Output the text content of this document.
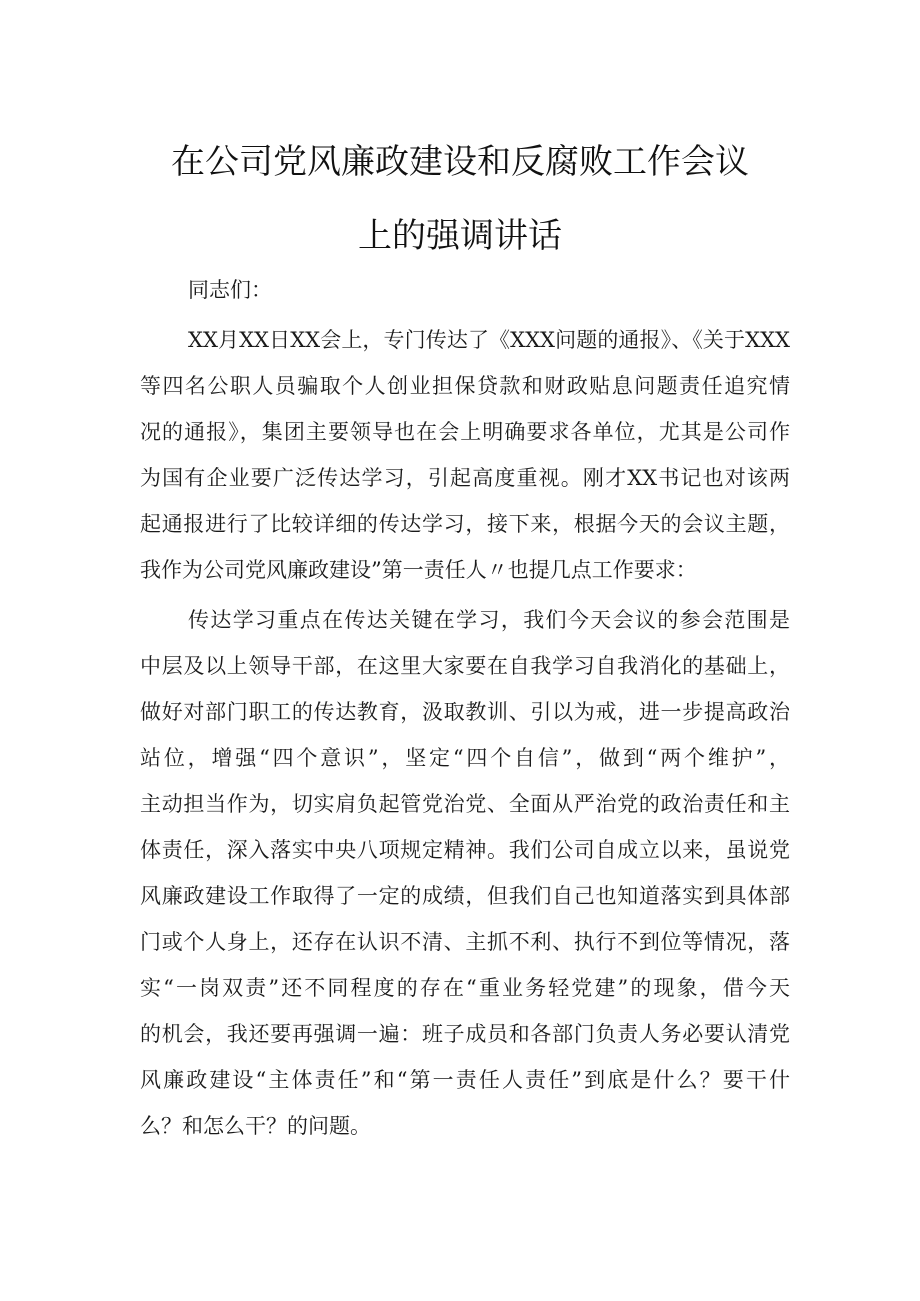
在公司党风廉政建设和反腐败工作会议
上的强调讲话
同志们：
XX月XX日XX会上，专门传达了《XXX问题的通报》、《关于XXX
等四名公职人员骗取个人创业担保贷款和财政贴息问题责任追究情
况的通报》，集团主要领导也在会上明确要求各单位，尤其是公司作
为国有企业要广泛传达学习，引起高度重视。刚才XX书记也对该两
起通报进行了比较详细的传达学习，接下来，根据今天的会议主题，
我作为公司党风廉政建设”第一责任人〃也提几点工作要求：
传达学习重点在传达关键在学习，我们今天会议的参会范围是
中层及以上领导干部，在这里大家要在自我学习自我消化的基础上，
做好对部门职工的传达教育，汲取教训、引以为戒，进一步提高政治
站位，增强“四个意识”，坚定“四个自信”，做到“两个维护”，
主动担当作为，切实肩负起管党治党、全面从严治党的政治责任和主
体责任，深入落实中央八项规定精神。我们公司自成立以来，虽说党
风廉政建设工作取得了一定的成绩，但我们自己也知道落实到具体部
门或个人身上，还存在认识不清、主抓不利、执行不到位等情况，落
实“一岗双责”还不同程度的存在“重业务轻党建”的现象，借今天
的机会，我还要再强调一遍：班子成员和各部门负责人务必要认清党
风廉政建设“主体责任”和“第一责任人责任”到底是什么？要干什
么？和怎么干？的问题。
